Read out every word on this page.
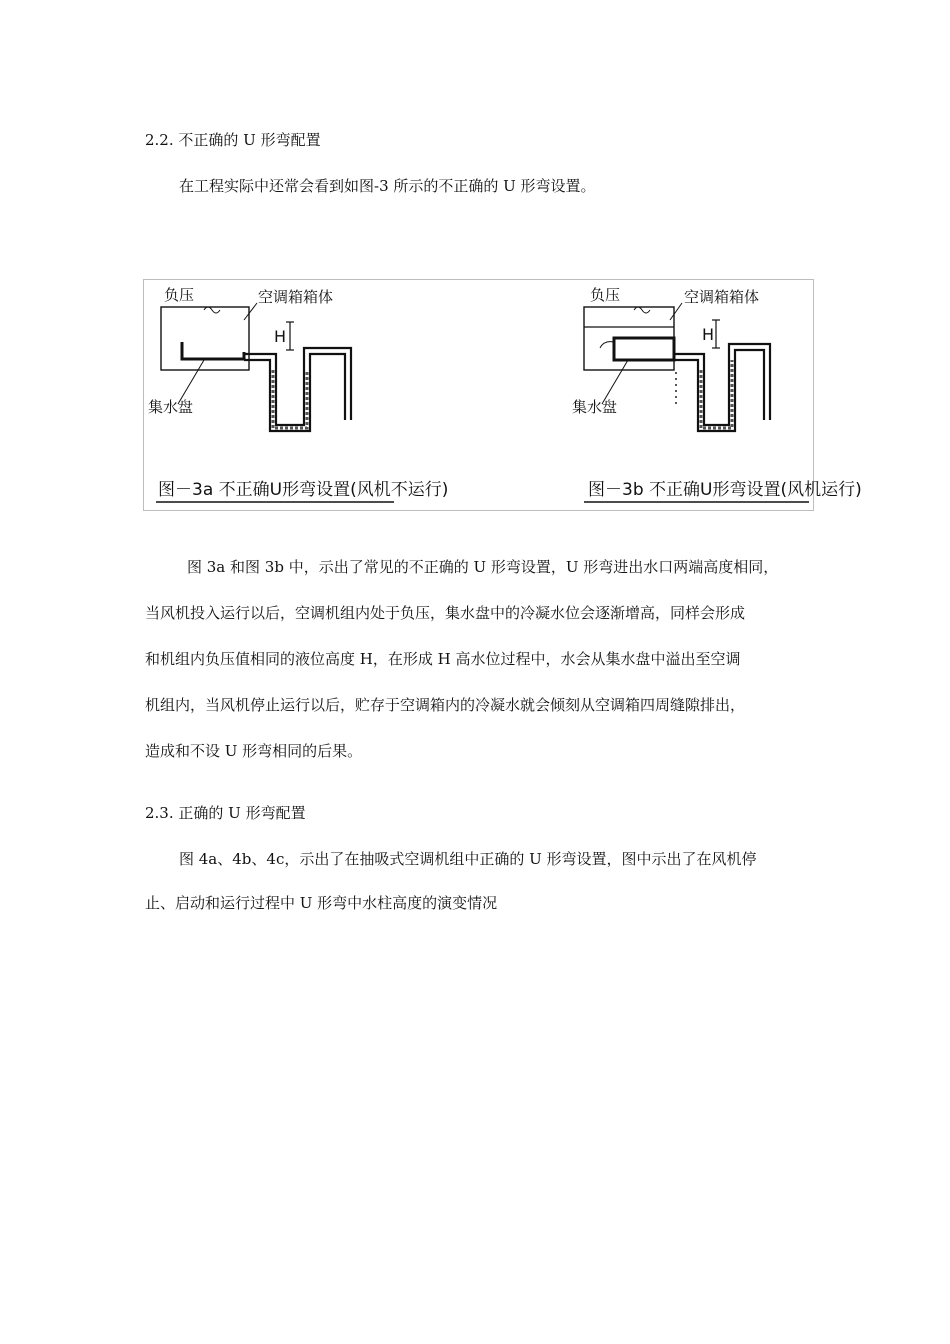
2.2. 不正确的 U 形弯配置
在工程实际中还常会看到如图-3 所示的不正确的 U 形弯设置。
H
负压	空调箱箱体
集水盘
图－3a 不正确U形弯设置(风机不运行)
H
负压	空调箱箱体
集水盘
图－3b 不正确U形弯设置(风机运行)
图 3a 和图 3b 中，示出了常见的不正确的 U 形弯设置，U 形弯进出水口两端高度相同，
当风机投入运行以后，空调机组内处于负压，集水盘中的冷凝水位会逐渐增高，同样会形成
和机组内负压值相同的液位高度 H，在形成 H 高水位过程中，水会从集水盘中溢出至空调
机组内，当风机停止运行以后，贮存于空调箱内的冷凝水就会倾刻从空调箱四周缝隙排出，
造成和不设 U 形弯相同的后果。
2.3. 正确的 U 形弯配置
图 4a、4b、4c，示出了在抽吸式空调机组中正确的 U 形弯设置，图中示出了在风机停
止、启动和运行过程中 U 形弯中水柱高度的演变情况
